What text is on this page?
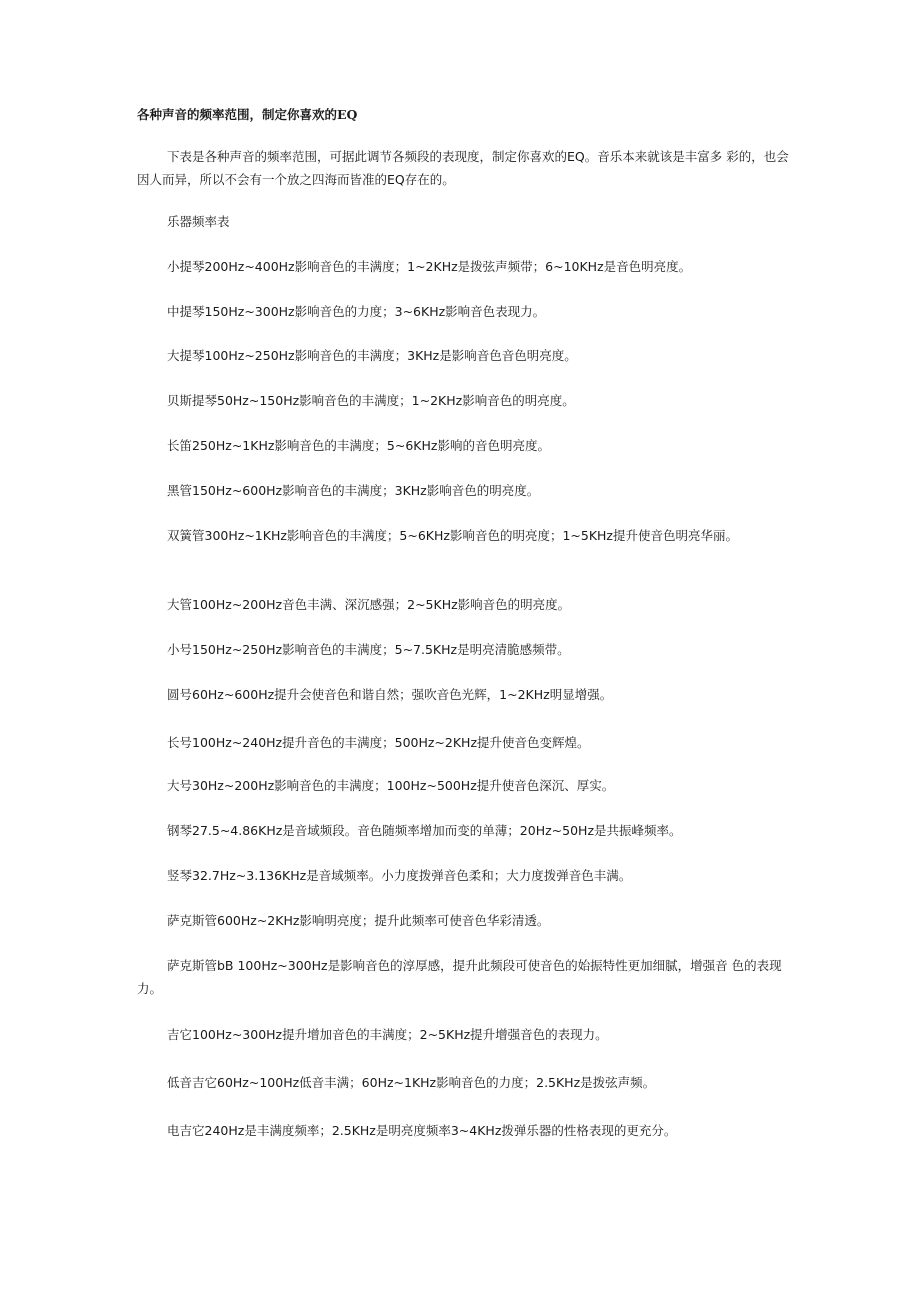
各种声音的频率范围，制定你喜欢的EQ
下表是各种声音的频率范围，可据此调节各频段的表现度，制定你喜欢的EQ。音乐本来就该是丰富多 彩的，也会因人而异，所以不会有一个放之四海而皆准的EQ存在的。
乐器频率表
小提琴200Hz~400Hz影响音色的丰满度；1~2KHz是拨弦声频带；6~10KHz是音色明亮度。
中提琴150Hz~300Hz影响音色的力度；3~6KHz影响音色表现力。
大提琴100Hz~250Hz影响音色的丰满度；3KHz是影响音色音色明亮度。
贝斯提琴50Hz~150Hz影响音色的丰满度；1~2KHz影响音色的明亮度。
长笛250Hz~1KHz影响音色的丰满度；5~6KHz影响的音色明亮度。
黑管150Hz~600Hz影响音色的丰满度；3KHz影响音色的明亮度。
双簧管300Hz~1KHz影响音色的丰满度；5~6KHz影响音色的明亮度；1~5KHz提升使音色明亮华丽。
大管100Hz~200Hz音色丰满、深沉感强；2~5KHz影响音色的明亮度。
小号150Hz~250Hz影响音色的丰满度；5~7.5KHz是明亮清脆感频带。
圆号60Hz~600Hz提升会使音色和谐自然；强吹音色光辉，1~2KHz明显增强。
长号100Hz~240Hz提升音色的丰满度；500Hz~2KHz提升使音色变辉煌。
大号30Hz~200Hz影响音色的丰满度；100Hz~500Hz提升使音色深沉、厚实。
钢琴27.5~4.86KHz是音域频段。音色随频率增加而变的单薄；20Hz~50Hz是共振峰频率。
竖琴32.7Hz~3.136KHz是音域频率。小力度拨弹音色柔和；大力度拨弹音色丰满。
萨克斯管600Hz~2KHz影响明亮度；提升此频率可使音色华彩清透。
萨克斯管bB 100Hz~300Hz是影响音色的淳厚感，提升此频段可使音色的始振特性更加细腻，增强音 色的表现力。
吉它100Hz~300Hz提升增加音色的丰满度；2~5KHz提升增强音色的表现力。
低音吉它60Hz~100Hz低音丰满；60Hz~1KHz影响音色的力度；2.5KHz是拨弦声频。
电吉它240Hz是丰满度频率；2.5KHz是明亮度频率3~4KHz拨弹乐器的性格表现的更充分。
